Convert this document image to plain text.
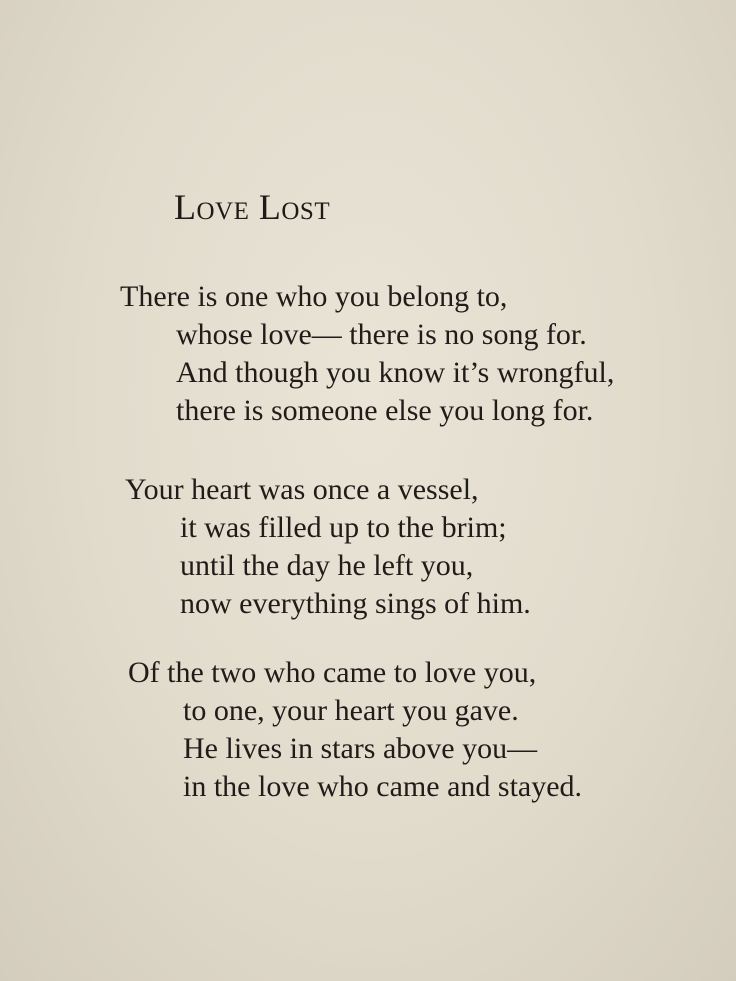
Love Lost
There is one who you belong to,
whose love— there is no song for.
And though you know it’s wrongful,
there is someone else you long for.
Your heart was once a vessel,
it was filled up to the brim;
until the day he left you,
now everything sings of him.
Of the two who came to love you,
to one, your heart you gave.
He lives in stars above you—
in the love who came and stayed.
